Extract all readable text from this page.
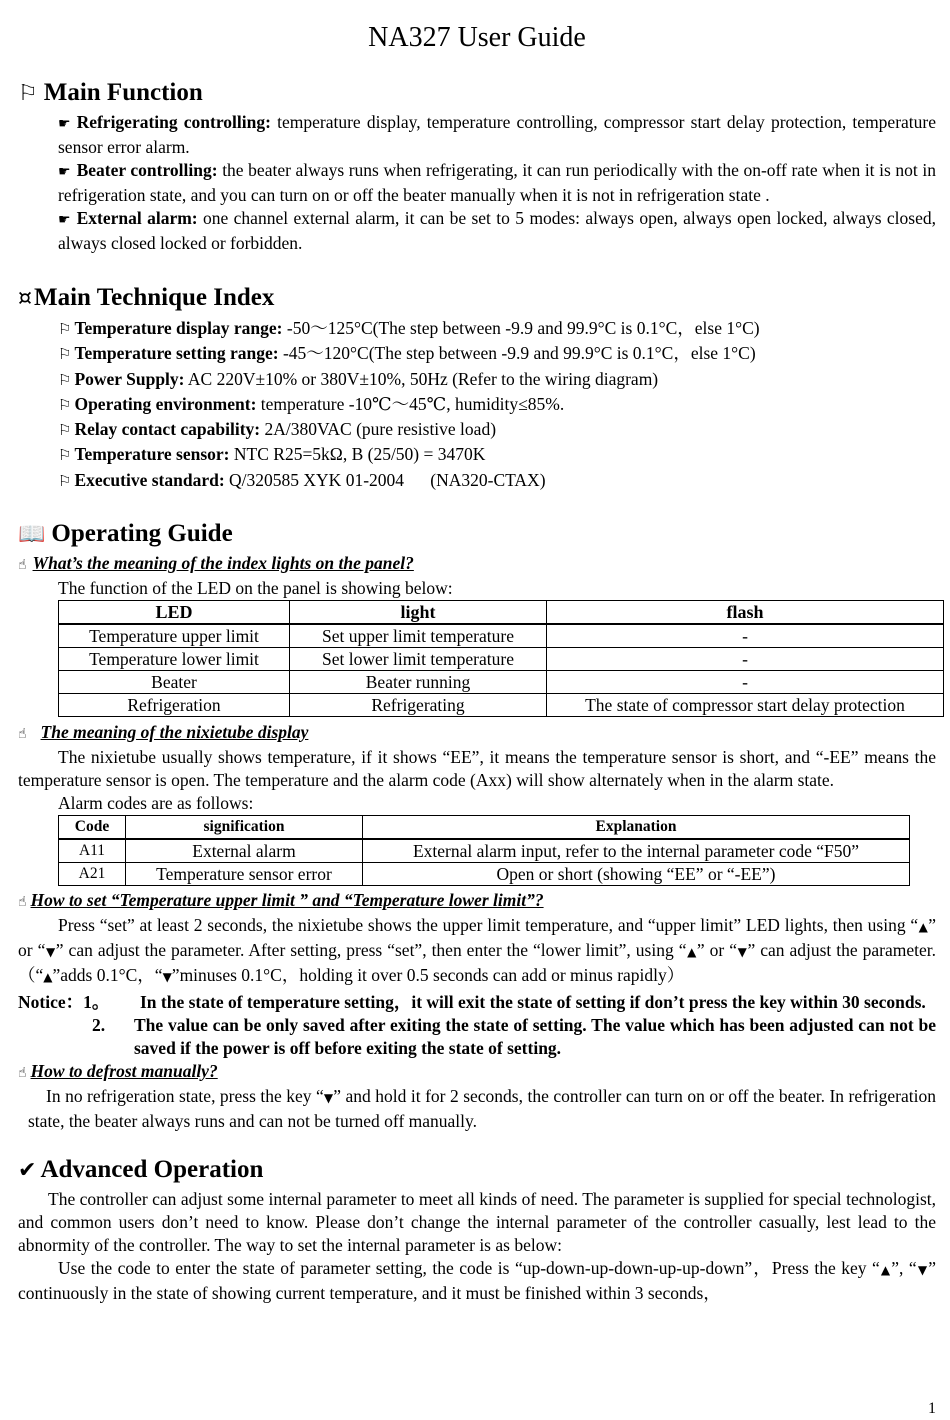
NA327 User Guide
⚐ Main Function
☛ Refrigerating controlling: temperature display, temperature controlling, compressor start delay protection, temperature sensor error alarm.
☛ Beater controlling: the beater always runs when refrigerating, it can run periodically with the on-off rate when it is not in refrigeration state, and you can turn on or off the beater manually when it is not in refrigeration state .
☛ External alarm: one channel external alarm, it can be set to 5 modes: always open, always open locked, always closed, always closed locked or forbidden.
¤Main Technique Index
⚐ Temperature display range: -50～125°C(The step between -9.9 and 99.9°C is 0.1°C，else 1°C)
⚐ Temperature setting range: -45～120°C(The step between -9.9 and 99.9°C is 0.1°C，else 1°C)
⚐ Power Supply: AC 220V±10% or 380V±10%, 50Hz (Refer to the wiring diagram)
⚐ Operating environment: temperature -10℃～45℃, humidity≤85%.
⚐ Relay contact capability: 2A/380VAC (pure resistive load)
⚐ Temperature sensor: NTC R25=5kΩ, B (25/50) = 3470K
⚐ Executive standard: Q/320585 XYK 01-2004      (NA320-CTAX)
📖 Operating Guide
☝ What’s the meaning of the index lights on the panel?
The function of the LED on the panel is showing below:
LED	light	flash
Temperature upper limit	Set upper limit temperature	-
Temperature lower limit	Set lower limit temperature	-
Beater	Beater running	-
Refrigeration	Refrigerating	The state of compressor start delay protection
☝ The meaning of the nixietube display
The nixietube usually shows temperature, if it shows “EE”, it means the temperature sensor is short, and “-EE” means the temperature sensor is open. The temperature and the alarm code (Axx) will show alternately when in the alarm state.
Alarm codes are as follows:
Code	signification	Explanation
A11	External alarm	External alarm input, refer to the internal parameter code “F50”
A21	Temperature sensor error	Open or short (showing “EE” or “-EE”)
☝ How to set “Temperature upper limit ” and “Temperature lower limit”?
Press “set” at least 2 seconds, the nixietube shows the upper limit temperature, and “upper limit” LED lights, then using “▲” or “▼” can adjust the parameter. After setting, press “set”, then enter the “lower limit”, using “▲” or “▼” can adjust the parameter. （“▲”adds 0.1°C，“▼”minuses 0.1°C，holding it over 0.5 seconds can add or minus rapidly）
Notice：1。	In the state of temperature setting，it will exit the state of setting if don’t press the key within 30 seconds.
2.	The value can be only saved after exiting the state of setting. The value which has been adjusted can not be saved if the power is off before exiting the state of setting.
☝ How to defrost manually?
In no refrigeration state, press the key “▼” and hold it for 2 seconds, the controller can turn on or off the beater. In refrigeration state, the beater always runs and can not be turned off manually.
✔ Advanced Operation
The controller can adjust some internal parameter to meet all kinds of need. The parameter is supplied for special technologist, and common users don’t need to know. Please don’t change the internal parameter of the controller casually, lest lead to the abnormity of the controller. The way to set the internal parameter is as below:
Use the code to enter the state of parameter setting, the code is “up-down-up-down-up-up-down”，Press the key “▲”, “▼” continuously in the state of showing current temperature, and it must be finished within 3 seconds，
1
